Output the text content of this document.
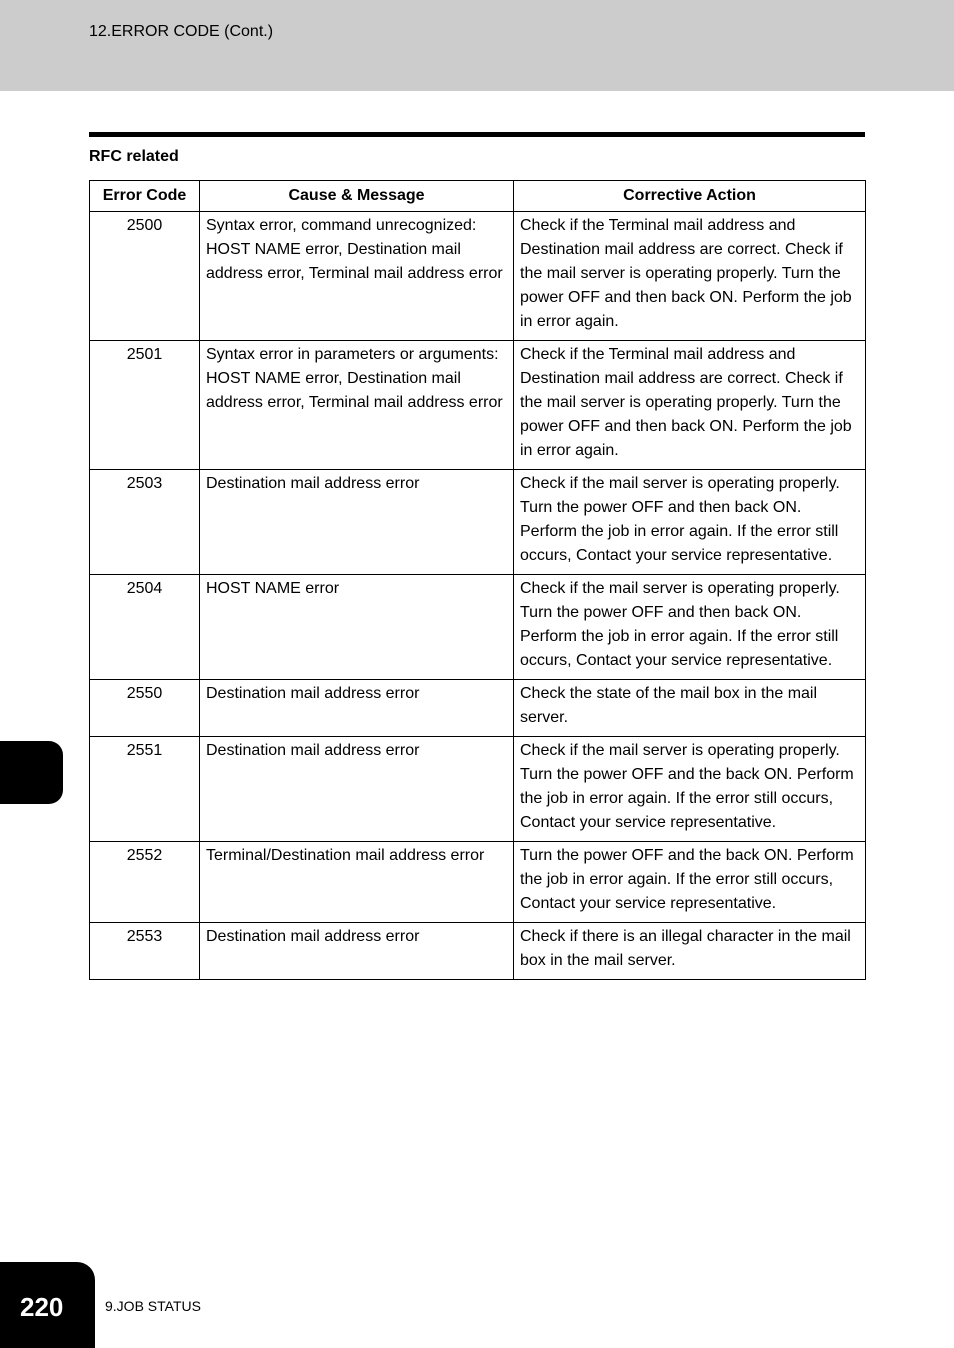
12.ERROR CODE (Cont.)
RFC related
Error Code	Cause & Message	Corrective Action
2500	Syntax error, command unrecognized: HOST NAME error, Destination mail address error, Terminal mail address error	Check if the Terminal mail address and Destination mail address are correct. Check if the mail server is operating properly. Turn the power OFF and then back ON. Perform the job in error again.
2501	Syntax error in parameters or arguments: HOST NAME error, Destination mail address error, Terminal mail address error	Check if the Terminal mail address and Destination mail address are correct. Check if the mail server is operating properly. Turn the power OFF and then back ON. Perform the job in error again.
2503	Destination mail address error	Check if the mail server is operating properly. Turn the power OFF and then back ON. Perform the job in error again. If the error still occurs, Contact your service representative.
2504	HOST NAME error	Check if the mail server is operating properly. Turn the power OFF and then back ON. Perform the job in error again. If the error still occurs, Contact your service representative.
2550	Destination mail address error	Check the state of the mail box in the mail server.
2551	Destination mail address error	Check if the mail server is operating properly. Turn the power OFF and the back ON. Perform the job in error again. If the error still occurs, Contact your service representative.
2552	Terminal/Destination mail address error	Turn the power OFF and the back ON. Perform the job in error again. If the error still occurs, Contact your service representative.
2553	Destination mail address error	Check if there is an illegal character in the mail box in the mail server.
220	9.JOB STATUS
